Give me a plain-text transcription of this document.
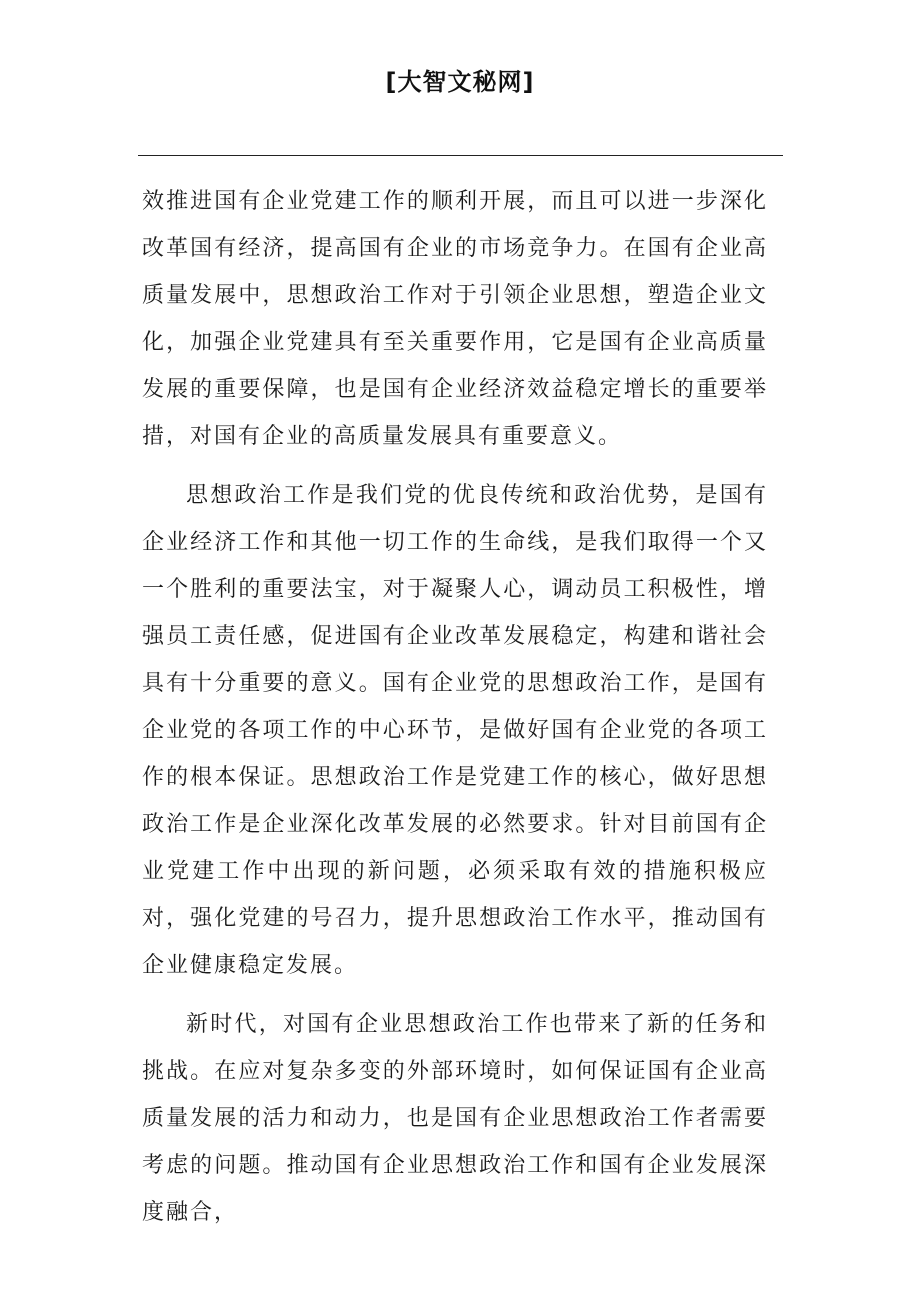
[大智文秘网]

效推进国有企业党建工作的顺利开展，而且可以进一步深化改革国有经济，提高国有企业的市场竞争力。在国有企业高质量发展中，思想政治工作对于引领企业思想，塑造企业文化，加强企业党建具有至关重要作用，它是国有企业高质量发展的重要保障，也是国有企业经济效益稳定增长的重要举措，对国有企业的高质量发展具有重要意义。

思想政治工作是我们党的优良传统和政治优势，是国有企业经济工作和其他一切工作的生命线，是我们取得一个又一个胜利的重要法宝，对于凝聚人心，调动员工积极性，增强员工责任感，促进国有企业改革发展稳定，构建和谐社会具有十分重要的意义。国有企业党的思想政治工作，是国有企业党的各项工作的中心环节，是做好国有企业党的各项工作的根本保证。思想政治工作是党建工作的核心，做好思想政治工作是企业深化改革发展的必然要求。针对目前国有企业党建工作中出现的新问题，必须采取有效的措施积极应对，强化党建的号召力，提升思想政治工作水平，推动国有企业健康稳定发展。

新时代，对国有企业思想政治工作也带来了新的任务和挑战。在应对复杂多变的外部环境时，如何保证国有企业高质量发展的活力和动力，也是国有企业思想政治工作者需要考虑的问题。推动国有企业思想政治工作和国有企业发展深度融合，
